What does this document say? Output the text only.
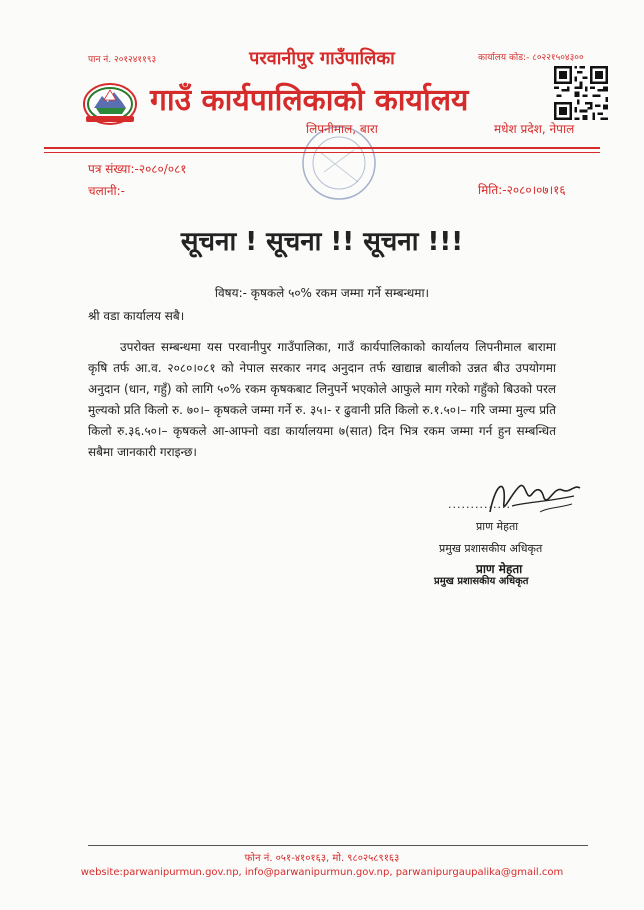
पान नं. २०१२४११९३	कार्यालय कोड:- ८०२२१५०४३००
परवानीपुर गाउँपालिका
गाउँ कार्यपालिकाको कार्यालय
लिपनीमाल, बारा	मधेश प्रदेश, नेपाल
पत्र संख्या:-२०८०/०८१
चलानी:-	मिति:-२०८०।०७।१६
सूचना ! सूचना !! सूचना !!!
विषय:- कृषकले ५०% रकम जम्मा गर्ने सम्बन्धमा।
श्री वडा कार्यालय सबै।
उपरोक्त सम्बन्धमा यस परवानीपुर गाउँपालिका, गाउँ कार्यपालिकाको कार्यालय लिपनीमाल बारामा कृषि तर्फ आ.व. २०८०।०८१ को नेपाल सरकार नगद अनुदान तर्फ खाद्यान्न बालीको उन्नत बीउ उपयोगमा अनुदान (धान, गहुँ) को लागि ५०% रकम कृषकबाट लिनुपर्ने भएकोले आफुले माग गरेको गहुँको बिउको परल मुल्यको प्रति किलो रु. ७०।– कृषकले जम्मा गर्ने रु. ३५।- र ढुवानी प्रति किलो रु.१.५०।– गरि जम्मा मुल्य प्रति किलो रु.३६.५०।– कृषकले आ-आफ्नो वडा कार्यालयमा ७(सात) दिन भित्र रकम जम्मा गर्न हुन सम्बन्धित सबैमा जानकारी गराइन्छ।
..............
प्राण मेहता
प्रमुख प्रशासकीय अधिकृत
प्राण मेहता
प्रमुख प्रशासकीय अधिकृत
फोन नं. ०५१-४१०१६३, मो. ९८०२५८९१६३
website:parwanipurmun.gov.np, info@parwanipurmun.gov.np, parwanipurgaupalika@gmail.com
